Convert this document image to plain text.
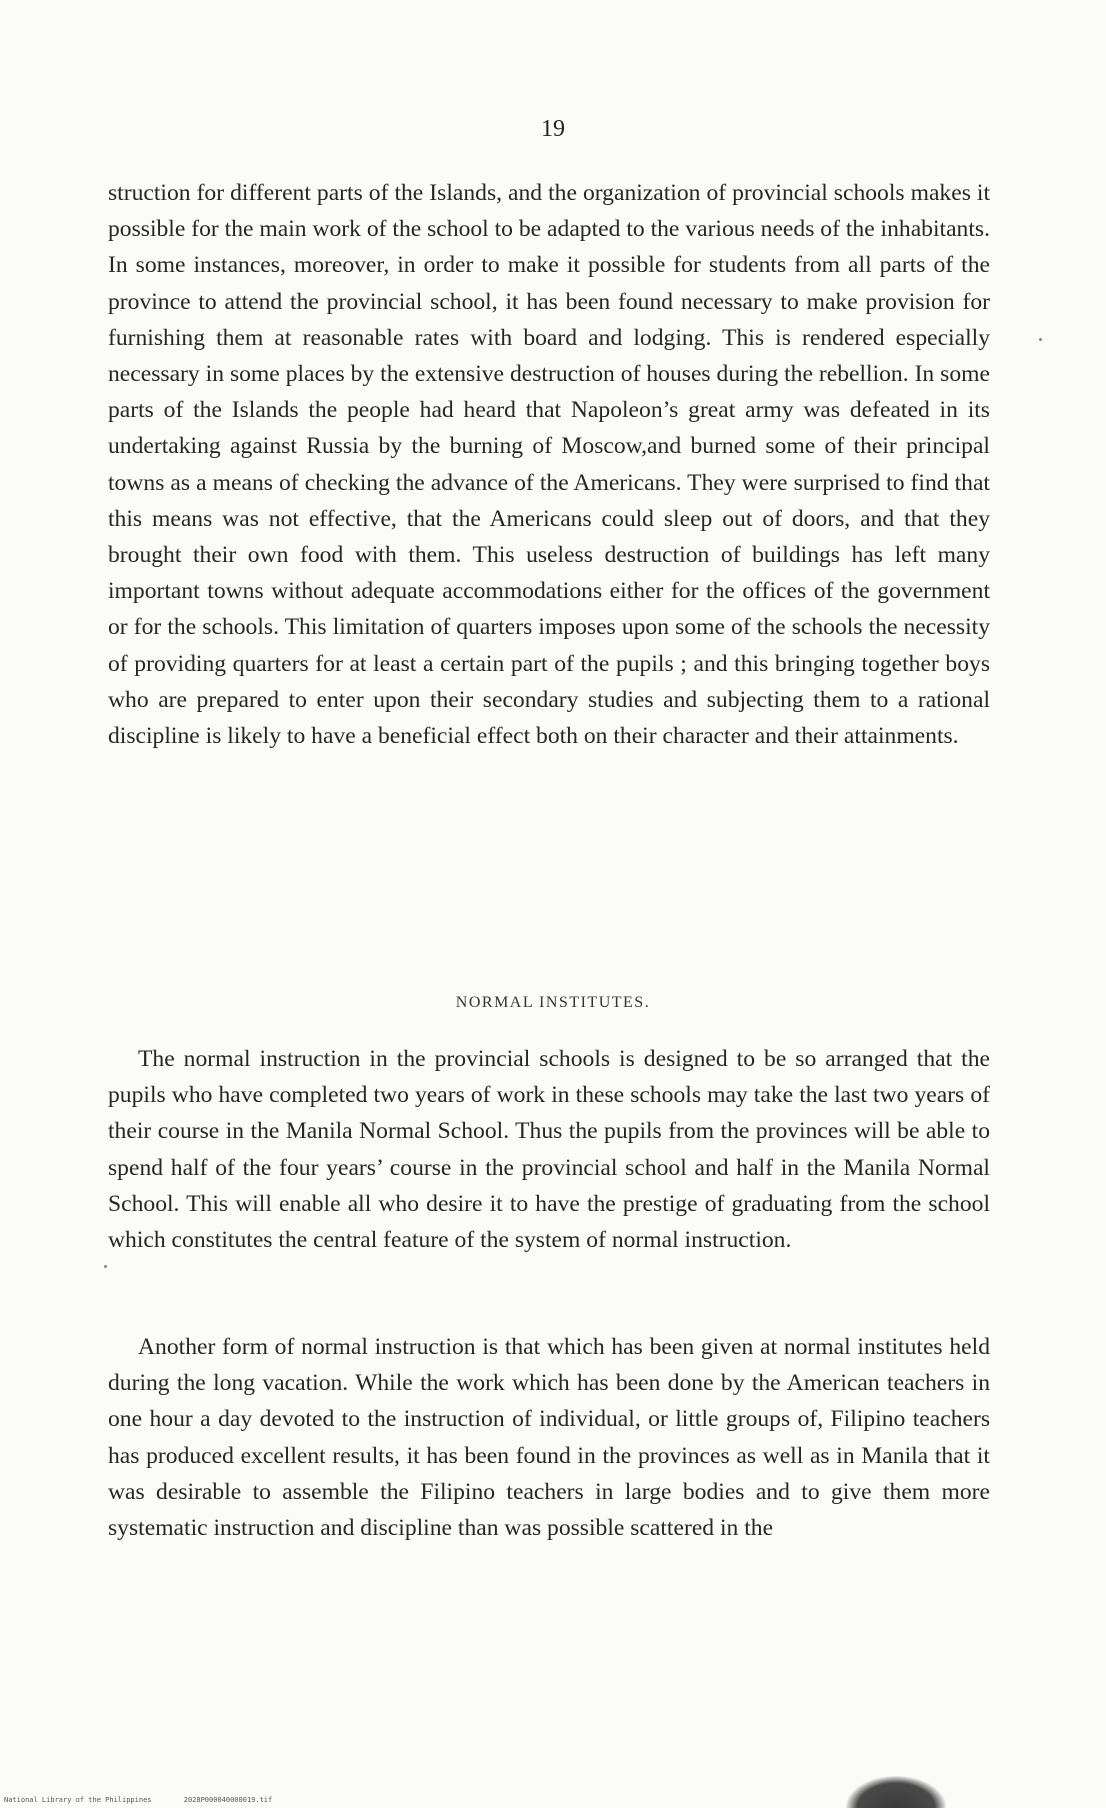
19
struction for different parts of the Islands, and the organization of provincial schools makes it possible for the main work of the school to be adapted to the various needs of the inhabitants. In some instances, moreover, in order to make it possible for students from all parts of the province to attend the provincial school, it has been found necessary to make provision for furnishing them at reasonable rates with board and lodging. This is rendered especially necessary in some places by the extensive destruction of houses during the rebellion. In some parts of the Islands the people had heard that Napoleon’s great army was defeated in its undertaking against Russia by the burning of Moscow,and burned some of their principal towns as a means of checking the advance of the Americans. They were surprised to find that this means was not effective, that the Americans could sleep out of doors, and that they brought their own food with them. This useless destruction of buildings has left many important towns without adequate accommodations either for the offices of the government or for the schools. This limitation of quarters imposes upon some of the schools the necessity of providing quarters for at least a certain part of the pupils ; and this bringing together boys who are prepared to enter upon their secondary studies and subjecting them to a rational discipline is likely to have a beneficial effect both on their character and their attainments.
NORMAL INSTITUTES.
The normal instruction in the provincial schools is designed to be so arranged that the pupils who have completed two years of work in these schools may take the last two years of their course in the Manila Normal School. Thus the pupils from the provinces will be able to spend half of the four years’ course in the provincial school and half in the Manila Normal School. This will enable all who desire it to have the prestige of graduating from the school which constitutes the central feature of the system of normal instruction.
Another form of normal instruction is that which has been given at normal institutes held during the long vacation. While the work which has been done by the American teachers in one hour a day devoted to the instruction of individual, or little groups of, Filipino teachers has produced excellent results, it has been found in the provinces as well as in Manila that it was desirable to assemble the Filipino teachers in large bodies and to give them more systematic instruction and discipline than was possible scattered in the
National Library of the Philippines	2028P000040000019.tif
